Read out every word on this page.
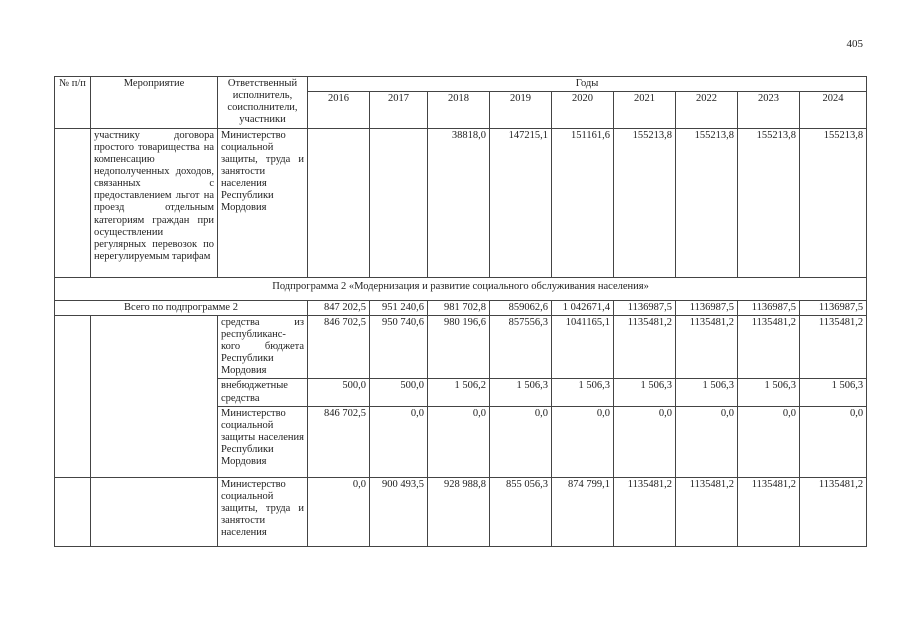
405
№ п/п	Мероприятие	Ответственный исполнитель, соисполнители, участники	Годы								
			2016	2017	2018	2019	2020	2021	2022	2023	2024
	участнику договора простого товарищества на компенсацию недополученных доходов, связанных с предоставлением льгот на проезд отдельным категориям граждан при осуществлении регулярных перевозок по нерегулируемым тарифам	Министерство социальной защиты, труда и занятости населения Республики Мордовия			38818,0	147215,1	151161,6	155213,8	155213,8	155213,8	155213,8
Подпрограмма 2 «Модернизация и развитие социального обслуживания населения»											
Всего по подпрограмме 2			847 202,5	951 240,6	981 702,8	859062,6	1 042671,4	1136987,5	1136987,5	1136987,5	1136987,5
		средства из республиканс-кого бюджета Республики Мордовия	846 702,5	950 740,6	980 196,6	857556,3	1041165,1	1135481,2	1135481,2	1135481,2	1135481,2
		внебюджетные средства	500,0	500,0	1 506,2	1 506,3	1 506,3	1 506,3	1 506,3	1 506,3	1 506,3
		Министерство социальной защиты населения Республики Мордовия	846 702,5	0,0	0,0	0,0	0,0	0,0	0,0	0,0	0,0
		Министерство социальной защиты, труда и занятости населения	0,0	900 493,5	928 988,8	855 056,3	874 799,1	1135481,2	1135481,2	1135481,2	1135481,2
